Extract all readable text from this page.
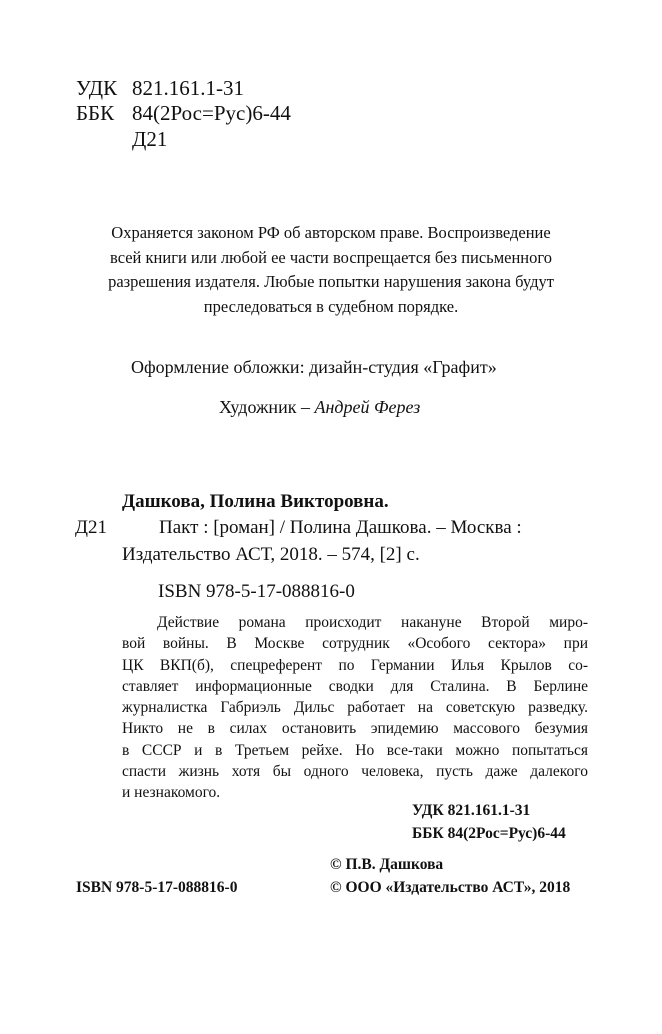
УДК 821.161.1-31
ББК 84(2Рос=Рус)6-44
Д21
Охраняется законом РФ об авторском праве. Воспроизведение
всей книги или любой ее части воспрещается без письменного
разрешения издателя. Любые попытки нарушения закона будут
преследоваться в судебном порядке.
Оформление обложки: дизайн-студия «Графит»
Художник – Андрей Ферез
Дашкова, Полина Викторовна.
Д21	Пакт : [роман] / Полина Дашкова. – Москва :
Издательство АСТ, 2018. – 574, [2] с.
ISBN 978-5-17-088816-0
Действие романа происходит накануне Второй миро-
вой войны. В Москве сотрудник «Особого сектора» при
ЦК ВКП(б), спецреферент по Германии Илья Крылов со-
ставляет информационные сводки для Сталина. В Берлине
журналистка Габриэль Дильс работает на советскую разведку.
Никто не в силах остановить эпидемию массового безумия
в СССР и в Третьем рейхе. Но все-таки можно попытаться
спасти жизнь хотя бы одного человека, пусть даже далекого
и незнакомого.
УДК 821.161.1-31
ББК 84(2Рос=Рус)6-44
© П.В. Дашкова
ISBN 978-5-17-088816-0	© ООО «Издательство АСТ», 2018
